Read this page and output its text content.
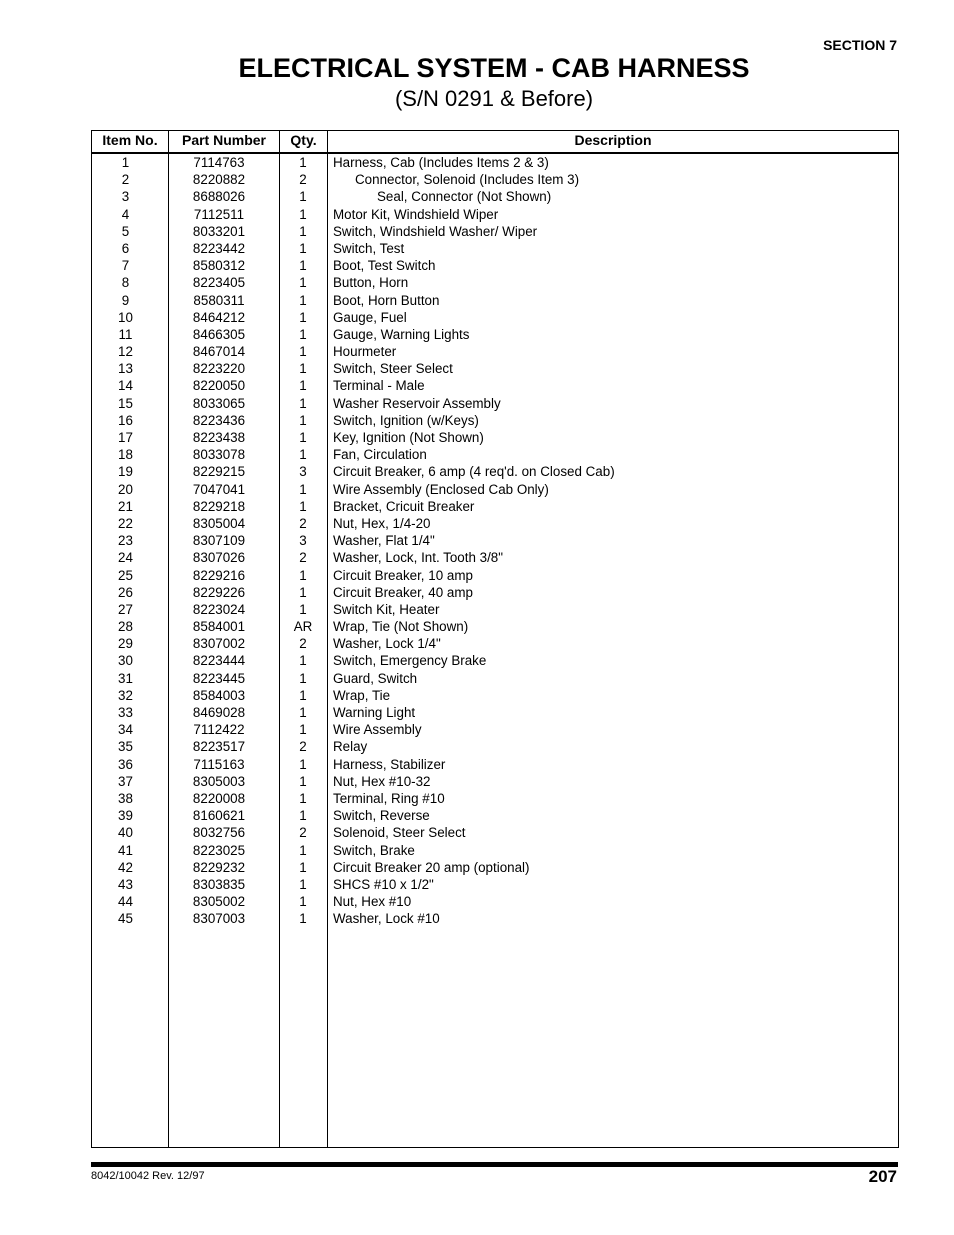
SECTION 7
ELECTRICAL SYSTEM - CAB HARNESS
(S/N 0291 & Before)
Item No.	Part Number	Qty.	Description
1	7114763	1	Harness, Cab (Includes Items 2 & 3)
2	8220882	2	Connector, Solenoid (Includes Item 3)
3	8688026	1	Seal, Connector (Not Shown)
4	7112511	1	Motor Kit, Windshield Wiper
5	8033201	1	Switch, Windshield Washer/ Wiper
6	8223442	1	Switch, Test
7	8580312	1	Boot, Test Switch
8	8223405	1	Button, Horn
9	8580311	1	Boot, Horn Button
10	8464212	1	Gauge, Fuel
11	8466305	1	Gauge, Warning Lights
12	8467014	1	Hourmeter
13	8223220	1	Switch, Steer Select
14	8220050	1	Terminal - Male
15	8033065	1	Washer Reservoir Assembly
16	8223436	1	Switch, Ignition (w/Keys)
17	8223438	1	Key, Ignition (Not Shown)
18	8033078	1	Fan, Circulation
19	8229215	3	Circuit Breaker, 6 amp (4 req'd. on Closed Cab)
20	7047041	1	Wire Assembly (Enclosed Cab Only)
21	8229218	1	Bracket, Cricuit Breaker
22	8305004	2	Nut, Hex, 1/4-20
23	8307109	3	Washer, Flat 1/4"
24	8307026	2	Washer, Lock, Int. Tooth 3/8"
25	8229216	1	Circuit Breaker, 10 amp
26	8229226	1	Circuit Breaker, 40 amp
27	8223024	1	Switch Kit, Heater
28	8584001	AR	Wrap, Tie (Not Shown)
29	8307002	2	Washer, Lock 1/4"
30	8223444	1	Switch, Emergency Brake
31	8223445	1	Guard, Switch
32	8584003	1	Wrap, Tie
33	8469028	1	Warning Light
34	7112422	1	Wire Assembly
35	8223517	2	Relay
36	7115163	1	Harness, Stabilizer
37	8305003	1	Nut, Hex #10-32
38	8220008	1	Terminal, Ring #10
39	8160621	1	Switch, Reverse
40	8032756	2	Solenoid, Steer Select
41	8223025	1	Switch, Brake
42	8229232	1	Circuit Breaker 20 amp (optional)
43	8303835	1	SHCS #10 x 1/2"
44	8305002	1	Nut, Hex #10
45	8307003	1	Washer, Lock #10
8042/10042 Rev. 12/97	207
